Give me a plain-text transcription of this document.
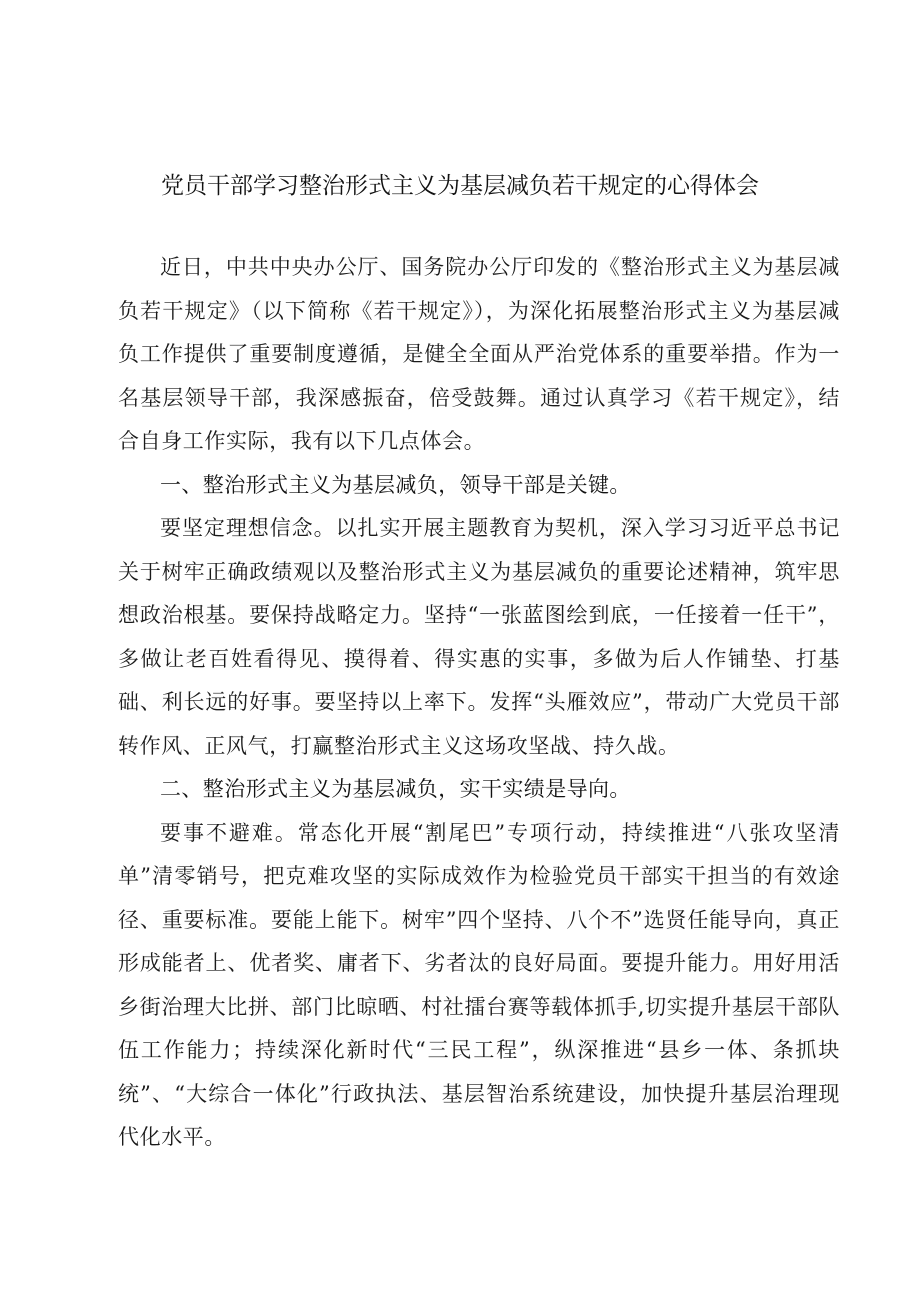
党员干部学习整治形式主义为基层减负若干规定的心得体会

近日，中共中央办公厅、国务院办公厅印发的《整治形式主义为基层减负若干规定》（以下简称《若干规定》），为深化拓展整治形式主义为基层减负工作提供了重要制度遵循，是健全全面从严治党体系的重要举措。作为一名基层领导干部，我深感振奋，倍受鼓舞。通过认真学习《若干规定》，结合自身工作实际，我有以下几点体会。

一、整治形式主义为基层减负，领导干部是关键。

要坚定理想信念。以扎实开展主题教育为契机，深入学习习近平总书记关于树牢正确政绩观以及整治形式主义为基层减负的重要论述精神，筑牢思想政治根基。要保持战略定力。坚持“一张蓝图绘到底，一任接着一任干”，多做让老百姓看得见、摸得着、得实惠的实事，多做为后人作铺垫、打基础、利长远的好事。要坚持以上率下。发挥“头雁效应”，带动广大党员干部转作风、正风气，打赢整治形式主义这场攻坚战、持久战。

二、整治形式主义为基层减负，实干实绩是导向。

要事不避难。常态化开展“割尾巴”专项行动，持续推进“八张攻坚清单”清零销号，把克难攻坚的实际成效作为检验党员干部实干担当的有效途径、重要标准。要能上能下。树牢”四个坚持、八个不”选贤任能导向，真正形成能者上、优者奖、庸者下、劣者汰的良好局面。要提升能力。用好用活乡街治理大比拼、部门比晾晒、村社擂台赛等载体抓手,切实提升基层干部队伍工作能力；持续深化新时代“三民工程”，纵深推进“县乡一体、条抓块统”、“大综合一体化”行政执法、基层智治系统建设，加快提升基层治理现代化水平。
